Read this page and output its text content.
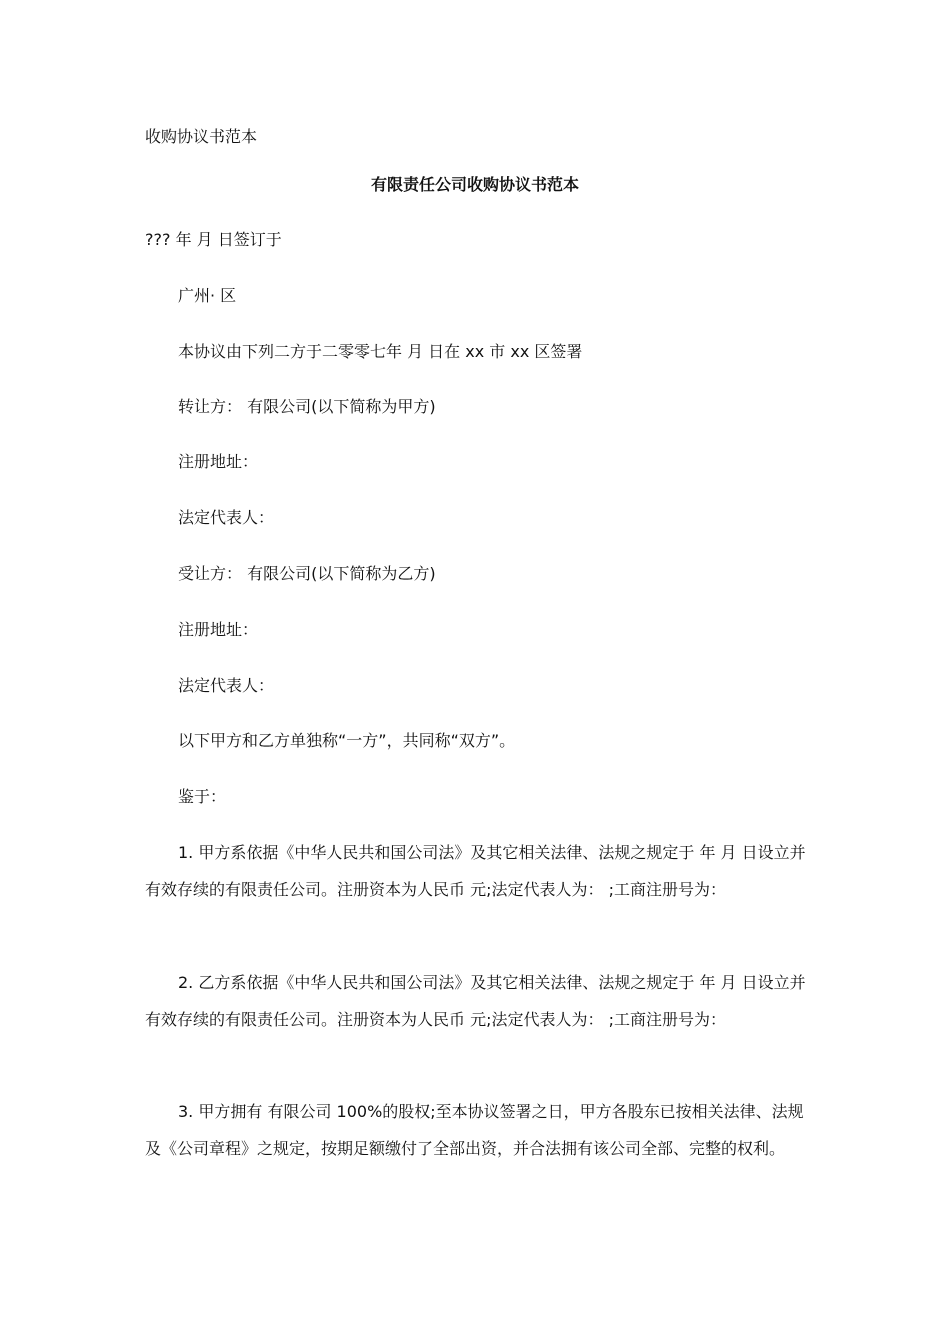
收购协议书范本
有限责任公司收购协议书范本
??? 年 月 日签订于
广州· 区
本协议由下列二方于二零零七年 月 日在 xx 市 xx 区签署
转让方： 有限公司(以下简称为甲方)
注册地址：
法定代表人：
受让方： 有限公司(以下简称为乙方)
注册地址：
法定代表人：
以下甲方和乙方单独称“一方”，共同称“双方”。
鉴于：
1. 甲方系依据《中华人民共和国公司法》及其它相关法律、法规之规定于 年 月 日设立并有效存续的有限责任公司。注册资本为人民币 元;法定代表人为： ;工商注册号为：
2. 乙方系依据《中华人民共和国公司法》及其它相关法律、法规之规定于 年 月 日设立并有效存续的有限责任公司。注册资本为人民币 元;法定代表人为： ;工商注册号为：
3. 甲方拥有 有限公司 100%的股权;至本协议签署之日，甲方各股东已按相关法律、法规及《公司章程》之规定，按期足额缴付了全部出资，并合法拥有该公司全部、完整的权利。
